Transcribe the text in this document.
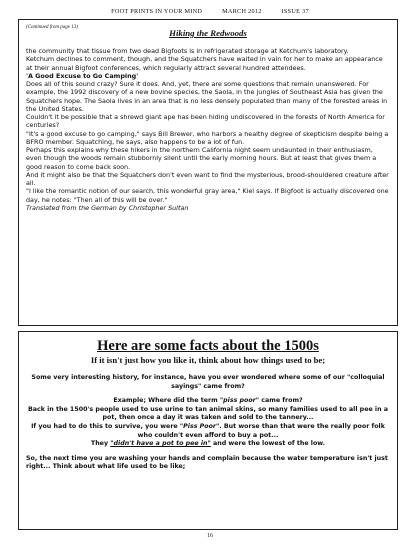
FOOT PRINTS IN YOUR MIND	MARCH 2012	ISSUE 37
(Continued from page 13)
Hiking the Redwoods

the community that tissue from two dead Bigfoots is in refrigerated storage at Ketchum's laboratory.

Ketchum declines to comment, though, and the Squatchers have waited in vain for her to make an appearance at their annual Bigfoot conferences, which regularly attract several hundred attendees.

'A Good Excuse to Go Camping'

Does all of this sound crazy? Sure it does. And, yet, there are some questions that remain unanswered. For example, the 1992 discovery of a new bovine species, the Saola, in the jungles of Southeast Asia has given the Squatchers hope. The Saola lives in an area that is no less densely populated than many of the forested areas in the United States.

Couldn't it be possible that a shrewd giant ape has been hiding undiscovered in the forests of North America for centuries?

"It's a good excuse to go camping," says Bill Brewer, who harbors a healthy degree of skepticism despite being a BFRO member. Squatching, he says, also happens to be a lot of fun.

Perhaps this explains why these hikers in the northern California night seem undaunted in their enthusiasm, even though the woods remain stubbornly silent until the early morning hours. But at least that gives them a good reason to come back soon.

And it might also be that the Squatchers don't even want to find the mysterious, brood-shouldered creature after all.

"I like the romantic notion of our search, this wonderful gray area," Kiel says. If Bigfoot is actually discovered one day, he notes: "Then all of this will be over."

Translated from the German by Christopher Sultan

Here are some facts about the 1500s
If it isn't just how you like it, think about how things used to be;

Some very interesting history, for instance, have you ever wondered where some of our "colloquial sayings" came from?

Example; Where did the term "piss poor" came from?

Back in the 1500's people used to use urine to tan animal skins, so many families used to all pee in a pot, then once a day it was taken and sold to the tannery...

If you had to do this to survive, you were "Piss Poor". But worse than that were the really poor folk who couldn't even afford to buy a pot...

They "didn't have a pot to pee in" and were the lowest of the low.

So, the next time you are washing your hands and complain because the water temperature isn't just right... Think about what life used to be like;

16
